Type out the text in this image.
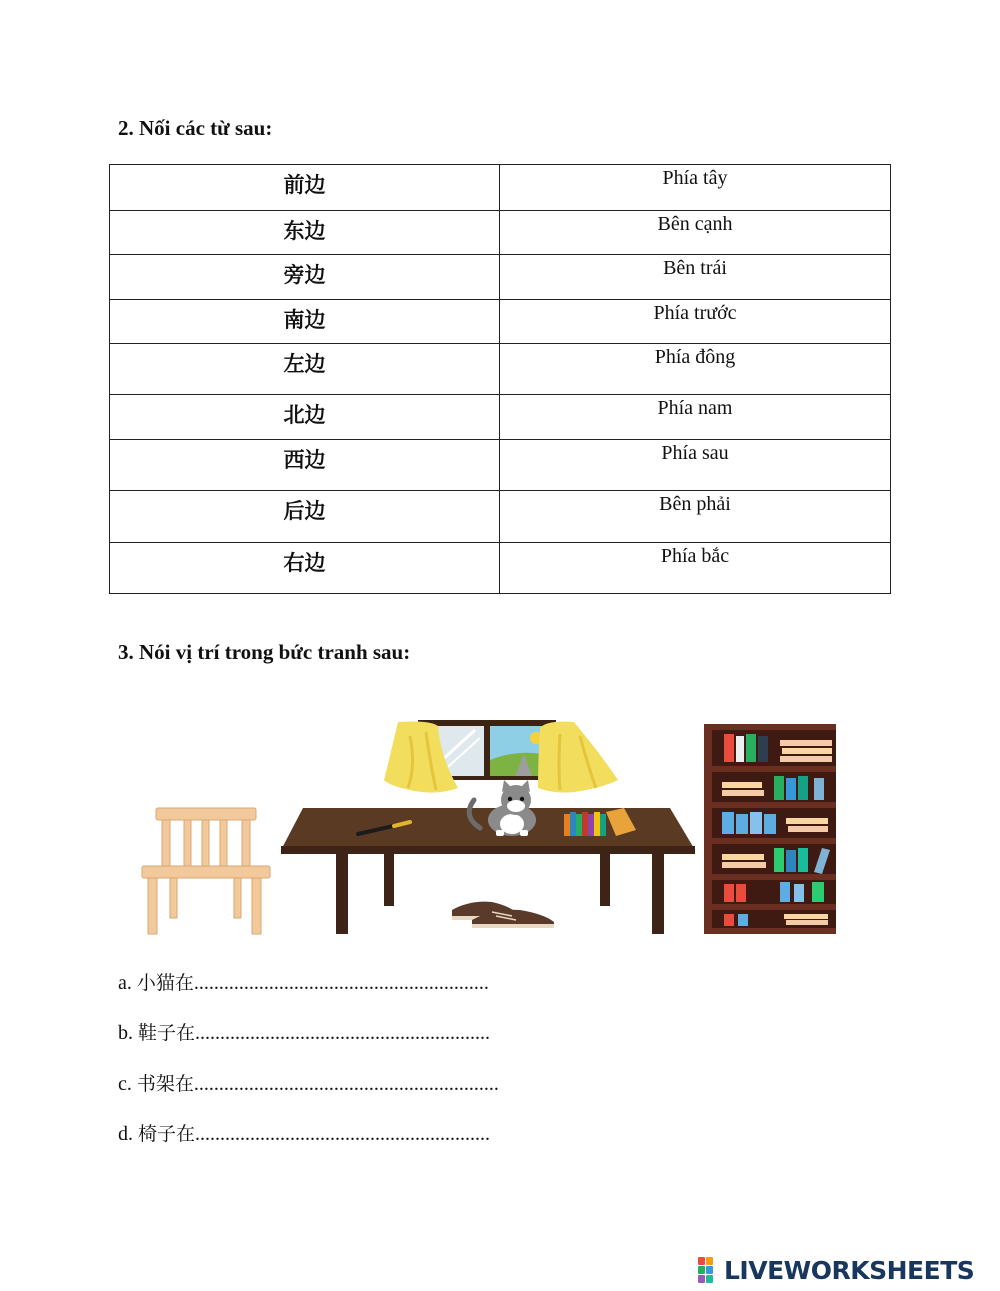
2. Nối các từ sau:

前边	Phía tây
东边	Bên cạnh
旁边	Bên trái
南边	Phía trước
左边	Phía đông
北边	Phía nam
西边	Phía sau
后边	Bên phải
右边	Phía bắc

3. Nói vị trí trong bức tranh sau:

a. 小猫在...........................................................
b. 鞋子在...........................................................
c. 书架在.............................................................
d. 椅子在...........................................................
LIVEWORKSHEETS
